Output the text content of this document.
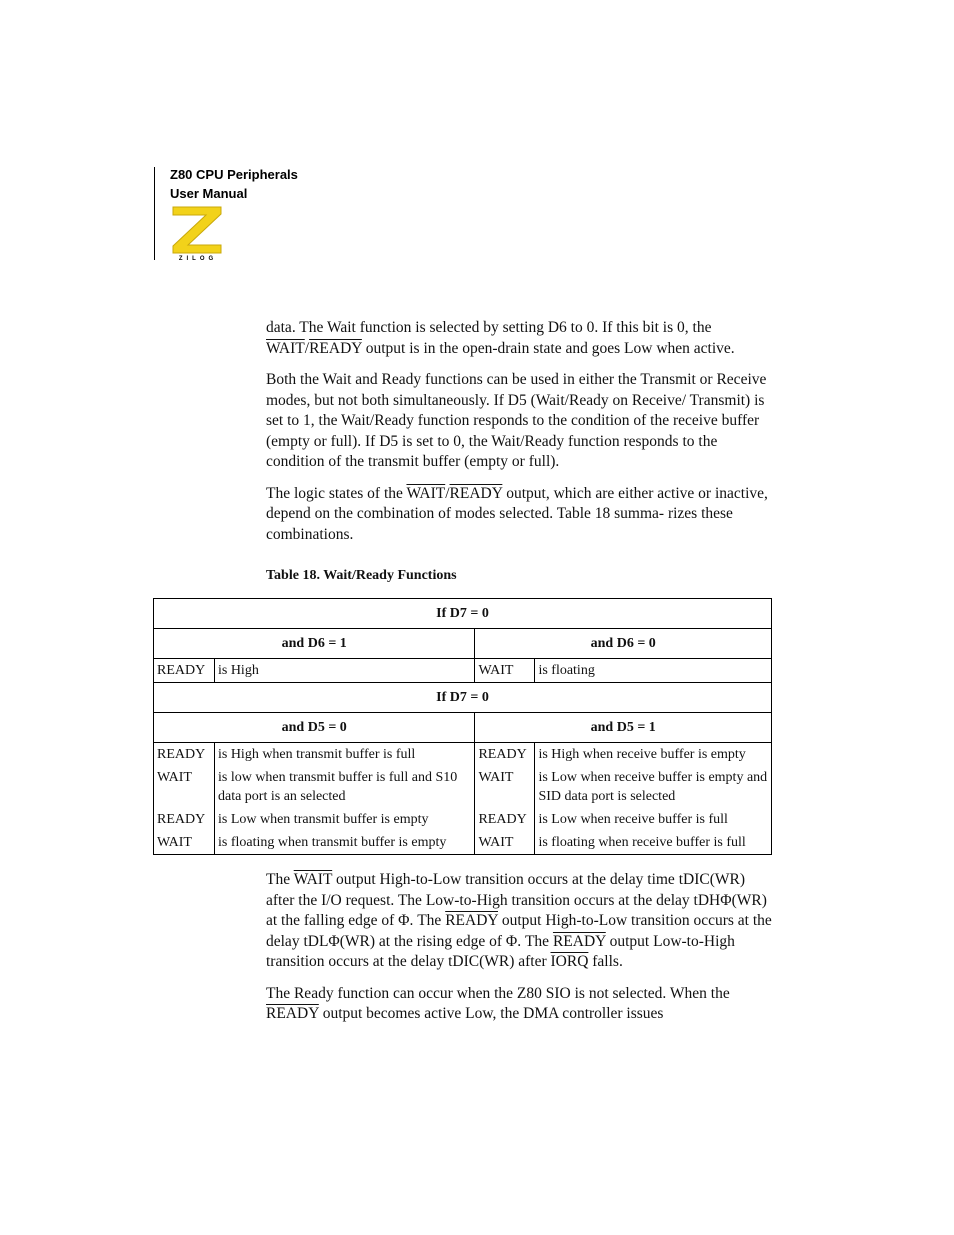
Z80 CPU Peripherals
User Manual
ZILOG

data. The Wait function is selected by setting D6 to 0. If this bit is 0, the WAIT/READY output is in the open-drain state and goes Low when active.

Both the Wait and Ready functions can be used in either the Transmit or Receive modes, but not both simultaneously. If D5 (Wait/Ready on Receive/ Transmit) is set to 1, the Wait/Ready function responds to the condition of the receive buffer (empty or full). If D5 is set to 0, the Wait/Ready function responds to the condition of the transmit buffer (empty or full).

The logic states of the WAIT/READY output, which are either active or inactive, depend on the combination of modes selected. Table 18 summa- rizes these combinations.

Table 18. Wait/Ready Functions
If D7 = 0			
and D6 = 1		and D6 = 0	
READY	is High	WAIT	is floating
If D7 = 0			
and D5 = 0		and D5 = 1	
READY	is High when transmit buffer is full	READY	is High when receive buffer is empty
WAIT	is low when transmit buffer is full and S10 data port is an selected	WAIT	is Low when receive buffer is empty and SID data port is selected
READY	is Low when transmit buffer is empty	READY	is Low when receive buffer is full
WAIT	is floating when transmit buffer is empty	WAIT	is floating when receive buffer is full

The WAIT output High-to-Low transition occurs at the delay time tDIC(WR) after the I/O request. The Low-to-High transition occurs at the delay tDHΦ(WR) at the falling edge of Φ. The READY output High-to-Low transition occurs at the delay tDLΦ(WR) at the rising edge of Φ. The READY output Low-to-High transition occurs at the delay tDIC(WR) after IORQ falls.

The Ready function can occur when the Z80 SIO is not selected. When the READY output becomes active Low, the DMA controller issues
